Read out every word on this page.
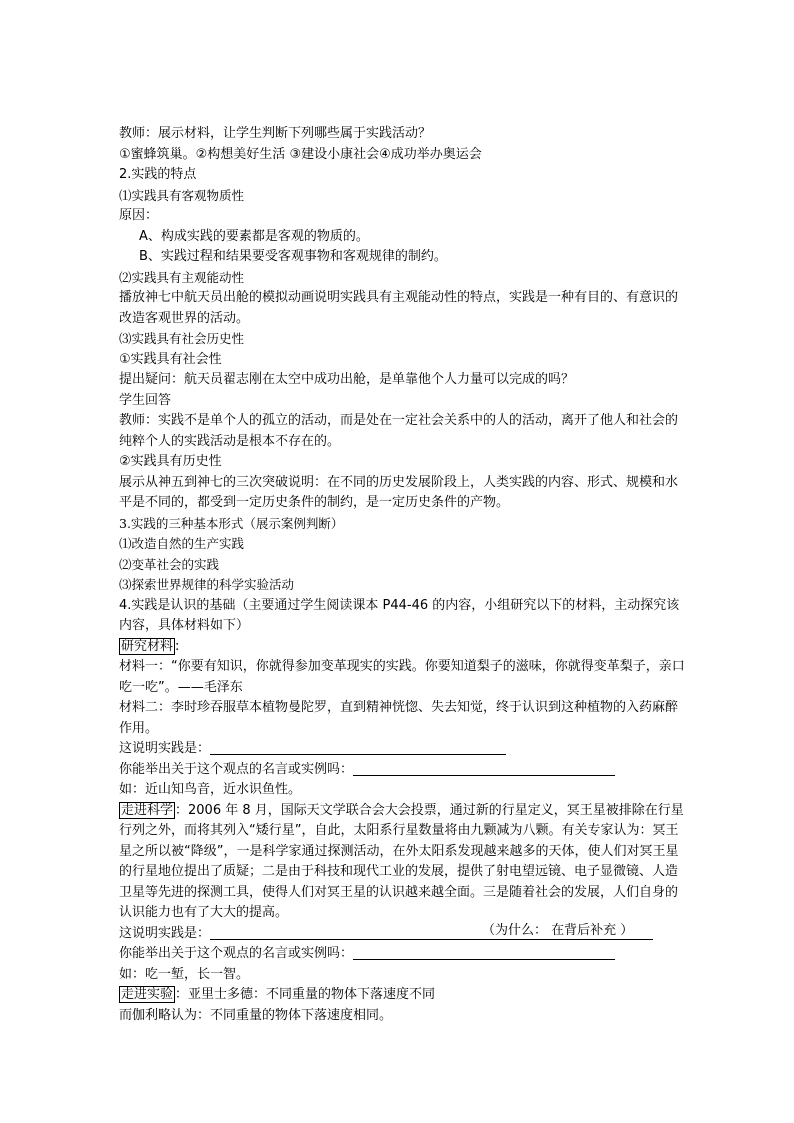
教师：展示材料，让学生判断下列哪些属于实践活动？
①蜜蜂筑巢。②构想美好生活 ③建设小康社会④成功举办奥运会
2.实践的特点
⑴实践具有客观物质性
原因：
A、构成实践的要素都是客观的物质的。
B、实践过程和结果要受客观事物和客观规律的制约。
⑵实践具有主观能动性
播放神七中航天员出舱的模拟动画说明实践具有主观能动性的特点，实践是一种有目的、有意识的改造客观世界的活动。
⑶实践具有社会历史性
①实践具有社会性
提出疑问：航天员翟志刚在太空中成功出舱，是单靠他个人力量可以完成的吗？
学生回答
教师：实践不是单个人的孤立的活动，而是处在一定社会关系中的人的活动，离开了他人和社会的纯粹个人的实践活动是根本不存在的。
②实践具有历史性
展示从神五到神七的三次突破说明：在不同的历史发展阶段上，人类实践的内容、形式、规模和水平是不同的，都受到一定历史条件的制约，是一定历史条件的产物。
3.实践的三种基本形式（展示案例判断）
⑴改造自然的生产实践
⑵变革社会的实践
⑶探索世界规律的科学实验活动
4.实践是认识的基础（主要通过学生阅读课本 P44-46 的内容，小组研究以下的材料，主动探究该内容，具体材料如下）
研究材料 :
材料一：“你要有知识，你就得参加变革现实的实践。你要知道梨子的滋味，你就得变革梨子，亲口吃一吃”。——毛泽东
材料二：李时珍吞服草本植物曼陀罗，直到精神恍惚、失去知觉，终于认识到这种植物的入药麻醉作用。
这说明实践是：
你能举出关于这个观点的名言或实例吗：
如：近山知鸟音，近水识鱼性。
走进科学 ：2006 年 8 月，国际天文学联合会大会投票，通过新的行星定义，冥王星被排除在行星行列之外，而将其列入“矮行星”，自此，太阳系行星数量将由九颗减为八颗。有关专家认为：冥王星之所以被“降级”，一是科学家通过探测活动，在外太阳系发现越来越多的天体，使人们对冥王星的行星地位提出了质疑；二是由于科技和现代工业的发展，提供了射电望远镜、电子显微镜、人造卫星等先进的探测工具，使得人们对冥王星的认识越来越全面。三是随着社会的发展，人们自身的认识能力也有了大大的提高。
这说明实践是：	（为什么： 在背后补充 ）
你能举出关于这个观点的名言或实例吗：
如：吃一堑，长一智。
走进实验 ：亚里士多德：不同重量的物体下落速度不同
而伽利略认为：不同重量的物体下落速度相同。
